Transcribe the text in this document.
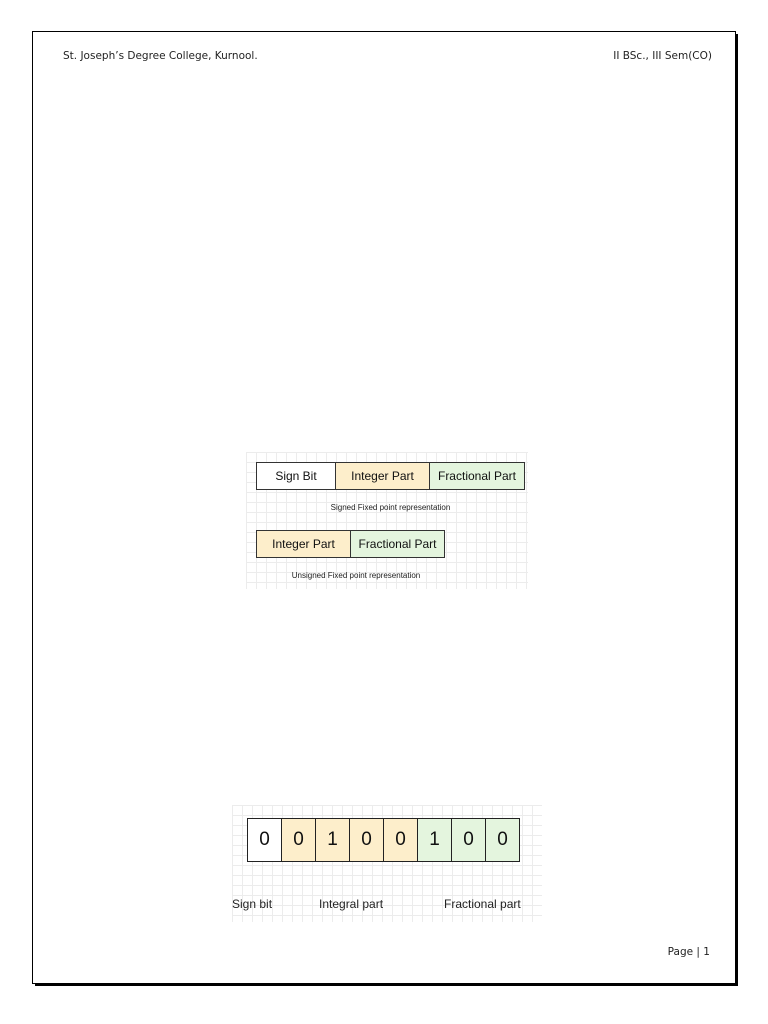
St. Joseph’s Degree College, Kurnool.	II BSc., III Sem(CO)
Sign Bit	Integer Part	Fractional Part
Signed Fixed point representation
Integer Part	Fractional Part
Unsigned Fixed point representation
0	0	1	0	0	1	0	0
Sign bit	Integral part	Fractional part
Page | 1
